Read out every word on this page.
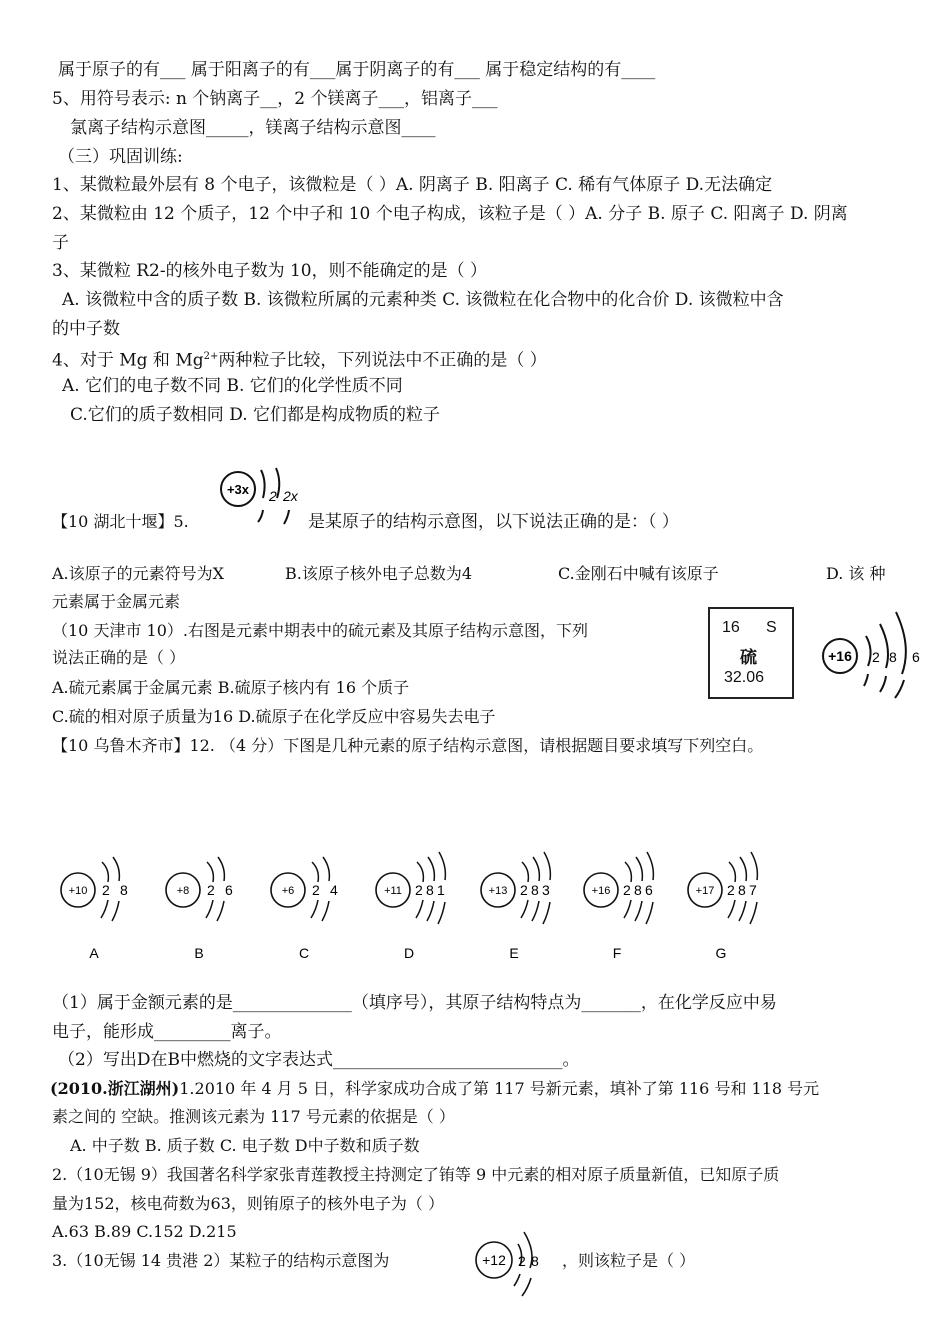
属于原子的有___ 属于阳离子的有___属于阴离子的有___ 属于稳定结构的有____
5、用符号表示: n 个钠离子__，2 个镁离子___，铝离子___
氯离子结构示意图_____，镁离子结构示意图____
（三）巩固训练:
1、某微粒最外层有 8 个电子，该微粒是（ ）A. 阴离子 B. 阳离子 C. 稀有气体原子 D.无法确定
2、某微粒由 12 个质子，12 个中子和 10 个电子构成，该粒子是（ ）A. 分子 B. 原子 C. 阳离子 D. 阴离
子
3、某微粒 R2-的核外电子数为 10，则不能确定的是（ ）
A. 该微粒中含的质子数 B. 该微粒所属的元素种类 C. 该微粒在化合物中的化合价 D. 该微粒中含
的中子数
4、对于 Mg 和 $Mg^{2+}$两种粒子比较，下列说法中不正确的是（ ）
A. 它们的电子数不同 B. 它们的化学性质不同
C.它们的质子数相同 D. 它们都是构成物质的粒子
【10 湖北十堰】5.
+3x 2 2x
是某原子的结构示意图，以下说法正确的是：（ ）
A.该原子的元素符号为X	B.该原子核外电子总数为4	C.金刚石中喊有该原子	D. 该 种
元素属于金属元素
（10 天津市 10）.右图是元素中期表中的硫元素及其原子结构示意图，下列
说法正确的是（ ）
A.硫元素属于金属元素 B.硫原子核内有 16 个质子
C.硫的相对原子质量为16 D.硫原子在化学反应中容易失去电子
16 S
硫
32.06
+16 2 8 6
【10 乌鲁木齐市】12. （4 分）下图是几种元素的原子结构示意图，请根据题目要求填写下列空白。
+10 2 8
A
+8 2 6
B
+6 2 4
C
+11 2 8 1
D
+13 2 8 3
E
+16 2 8 6
F
+17 2 8 7
G
（1）属于金额元素的是______________（填序号），其原子结构特点为_______，在化学反应中易
电子，能形成_________离子。
（2）写出D在B中燃烧的文字表达式___________________________。
(2010.浙江湖州)1.2010 年 4 月 5 日，科学家成功合成了第 117 号新元素，填补了第 116 号和 118 号元
素之间的 空缺。推测该元素为 117 号元素的依据是（ ）
A. 中子数 B. 质子数 C. 电子数 D中子数和质子数
2.（10无锡 9）我国著名科学家张青莲教授主持测定了铕等 9 中元素的相对原子质量新值，已知原子质
量为152，核电荷数为63，则铕原子的核外电子为（ ）
A.63 B.89 C.152 D.215
3.（10无锡 14 贵港 2）某粒子的结构示意图为	+12 2 8 ，则该粒子是（ ）
